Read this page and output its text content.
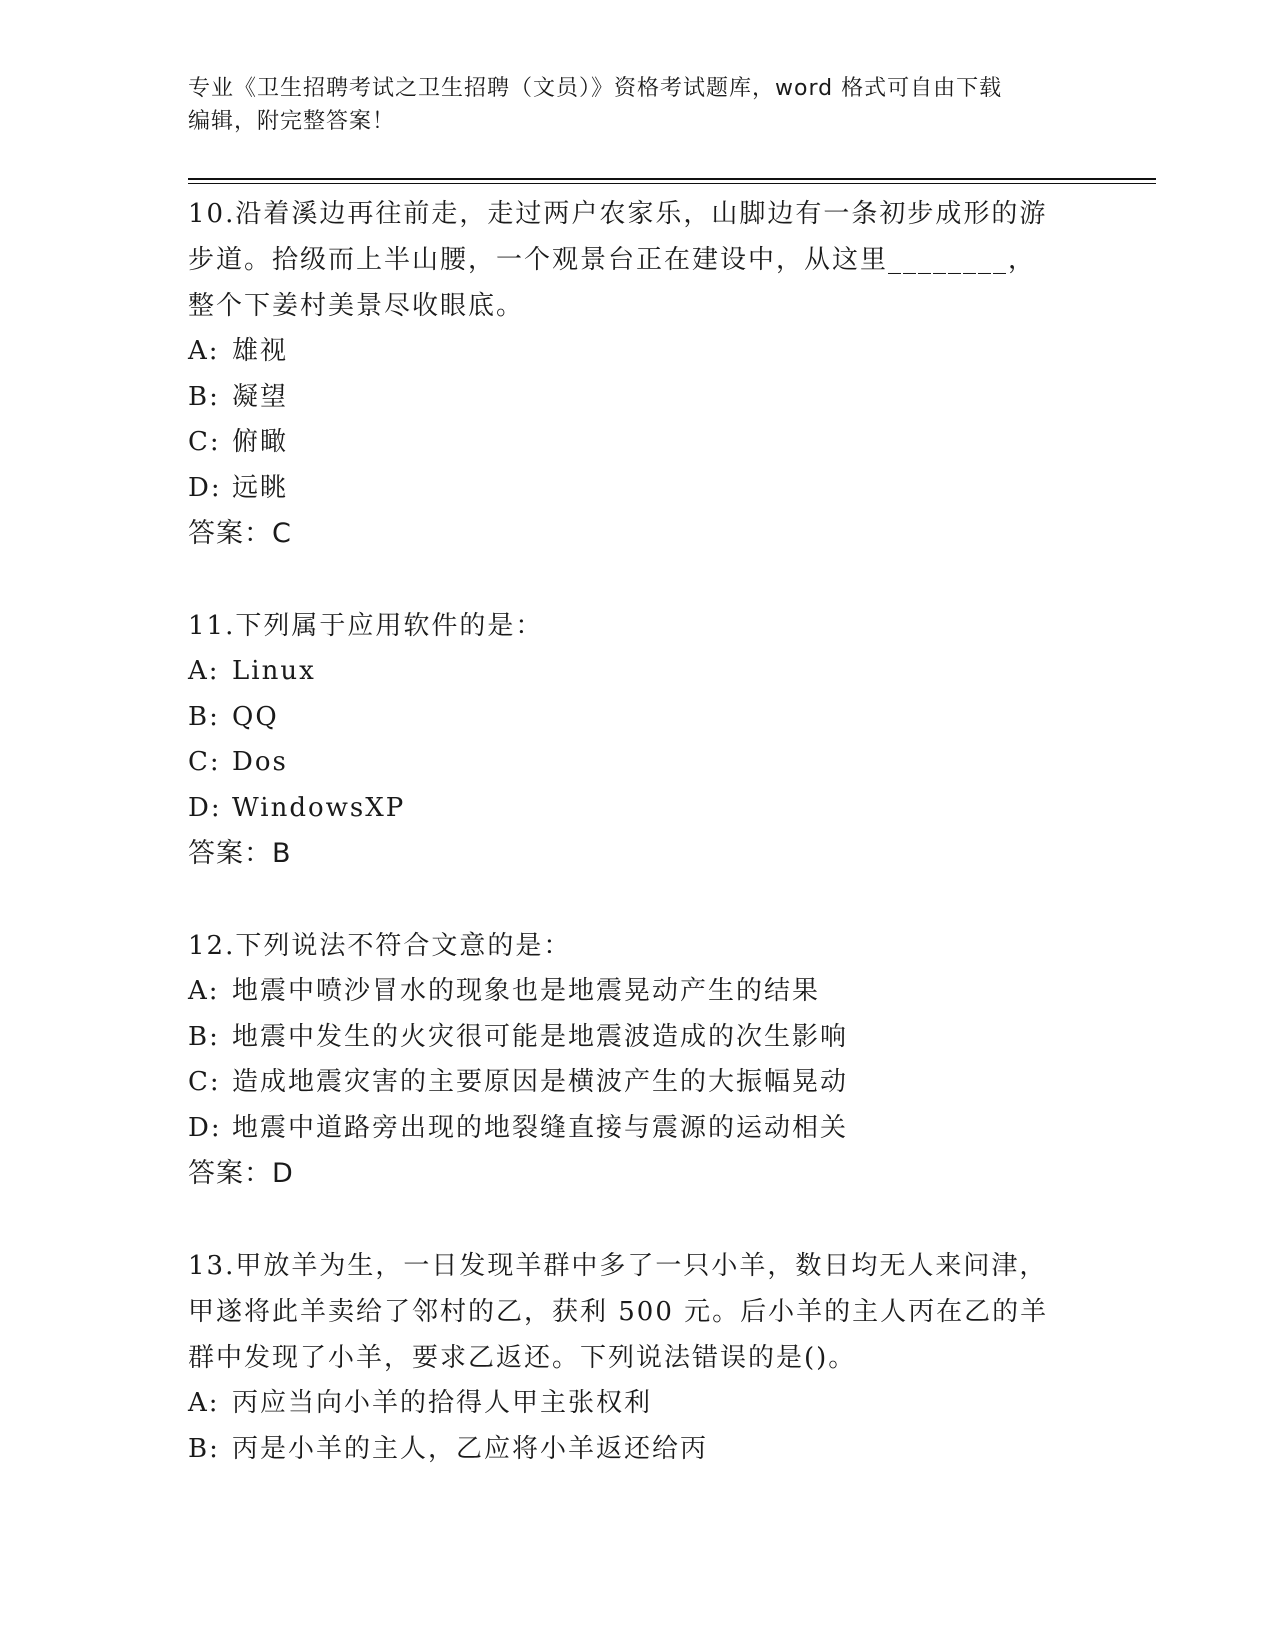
专业《卫生招聘考试之卫生招聘（文员）》资格考试题库，word 格式可自由下载
编辑，附完整答案！
10.沿着溪边再往前走，走过两户农家乐，山脚边有一条初步成形的游
步道。拾级而上半山腰，一个观景台正在建设中，从这里________，
整个下姜村美景尽收眼底。
A: 雄视
B: 凝望
C: 俯瞰
D: 远眺
答案：C
11.下列属于应用软件的是：
A: Linux
B: QQ
C: Dos
D: WindowsXP
答案：B
12.下列说法不符合文意的是：
A: 地震中喷沙冒水的现象也是地震晃动产生的结果
B: 地震中发生的火灾很可能是地震波造成的次生影响
C: 造成地震灾害的主要原因是横波产生的大振幅晃动
D: 地震中道路旁出现的地裂缝直接与震源的运动相关
答案：D
13.甲放羊为生，一日发现羊群中多了一只小羊，数日均无人来问津，
甲遂将此羊卖给了邻村的乙，获利 500 元。后小羊的主人丙在乙的羊
群中发现了小羊，要求乙返还。下列说法错误的是()。
A: 丙应当向小羊的拾得人甲主张权利
B: 丙是小羊的主人，乙应将小羊返还给丙
